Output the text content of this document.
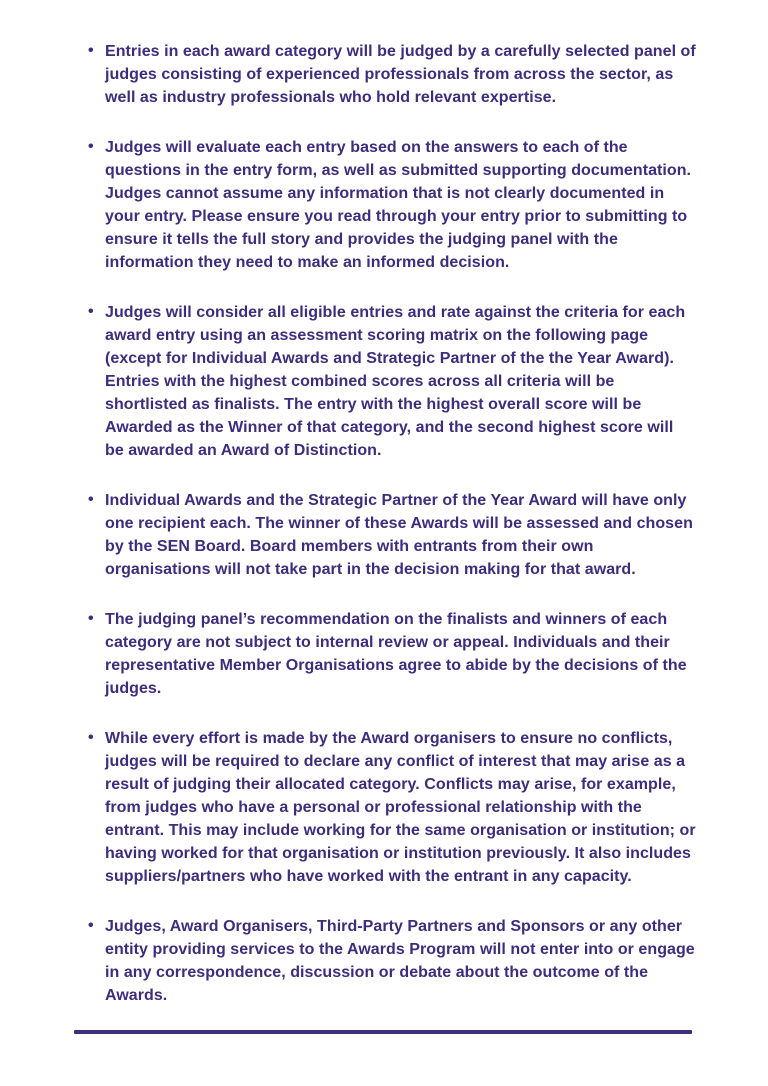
• Entries in each award category will be judged by a carefully selected panel of judges consisting of experienced professionals from across the sector, as well as industry professionals who hold relevant expertise.
• Judges will evaluate each entry based on the answers to each of the questions in the entry form, as well as submitted supporting documentation. Judges cannot assume any information that is not clearly documented in your entry. Please ensure you read through your entry prior to submitting to ensure it tells the full story and provides the judging panel with the information they need to make an informed decision.
• Judges will consider all eligible entries and rate against the criteria for each award entry using an assessment scoring matrix on the following page (except for Individual Awards and Strategic Partner of the the Year Award). Entries with the highest combined scores across all criteria will be shortlisted as finalists. The entry with the highest overall score will be Awarded as the Winner of that category, and the second highest score will be awarded an Award of Distinction.
• Individual Awards and the Strategic Partner of the Year Award will have only one recipient each. The winner of these Awards will be assessed and chosen by the SEN Board. Board members with entrants from their own organisations will not take part in the decision making for that award.
• The judging panel’s recommendation on the finalists and winners of each category are not subject to internal review or appeal. Individuals and their representative Member Organisations agree to abide by the decisions of the judges.
• While every effort is made by the Award organisers to ensure no conflicts, judges will be required to declare any conflict of interest that may arise as a result of judging their allocated category. Conflicts may arise, for example, from judges who have a personal or professional relationship with the entrant. This may include working for the same organisation or institution; or having worked for that organisation or institution previously. It also includes suppliers/partners who have worked with the entrant in any capacity.
• Judges, Award Organisers, Third-Party Partners and Sponsors or any other entity providing services to the Awards Program will not enter into or engage in any correspondence, discussion or debate about the outcome of the Awards.
